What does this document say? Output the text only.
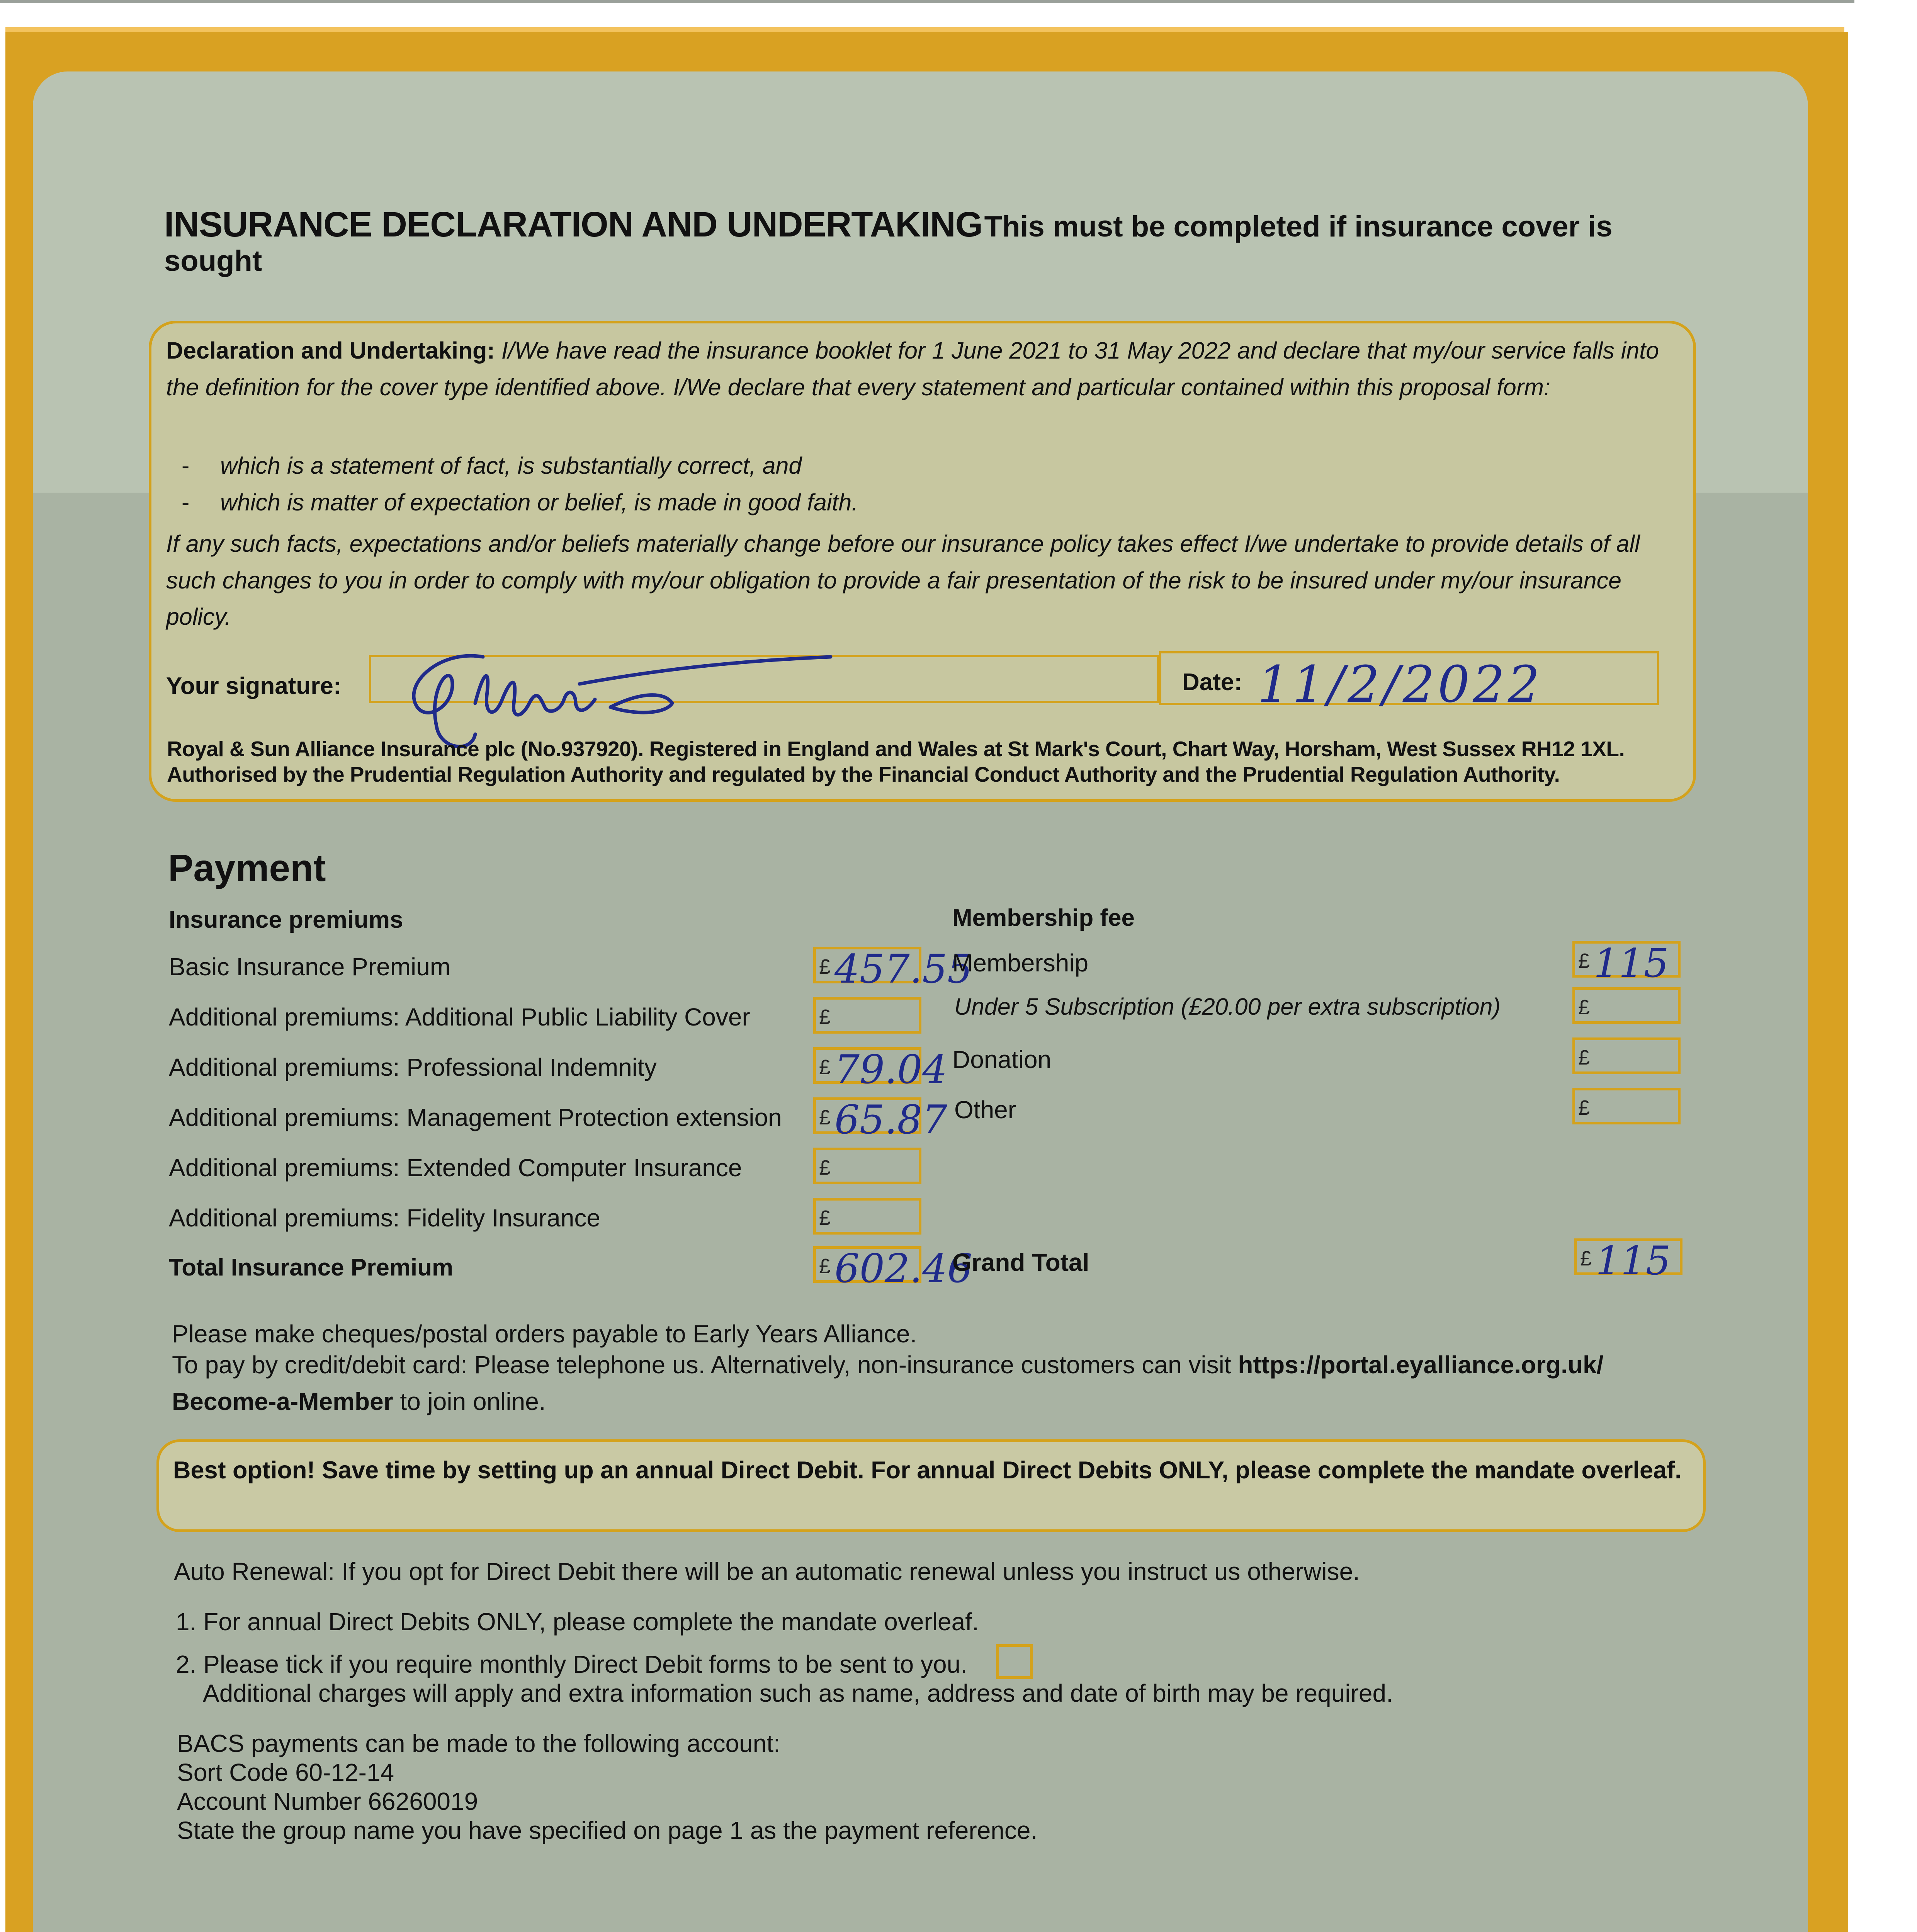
INSURANCE DECLARATION AND UNDERTAKING This must be completed if insurance cover is sought
Declaration and Undertaking: I/We have read the insurance booklet for 1 June 2021 to 31 May 2022 and declare that my/our service falls into the definition for the cover type identified above. I/We declare that every statement and particular contained within this proposal form:
- which is a statement of fact, is substantially correct, and
- which is matter of expectation or belief, is made in good faith.
If any such facts, expectations and/or beliefs materially change before our insurance policy takes effect I/we undertake to provide details of all such changes to you in order to comply with my/our obligation to provide a fair presentation of the risk to be insured under my/our insurance policy.
Your signature:	Date: 11/2/2022
Royal & Sun Alliance Insurance plc (No.937920). Registered in England and Wales at St Mark's Court, Chart Way, Horsham, West Sussex RH12 1XL. Authorised by the Prudential Regulation Authority and regulated by the Financial Conduct Authority and the Prudential Regulation Authority.
Payment
Insurance premiums	Membership fee
Basic Insurance Premium	£ 457.55
Additional premiums: Additional Public Liability Cover	£
Additional premiums: Professional Indemnity	£ 79.04
Additional premiums: Management Protection extension £ 65.87
Additional premiums: Extended Computer Insurance	£
Additional premiums: Fidelity Insurance	£
Total Insurance Premium	£ 602.46
Membership	£ 115
Under 5 Subscription (£20.00 per extra subscription)	£
Donation	£
Other	£
Grand Total	£ 115
Please make cheques/postal orders payable to Early Years Alliance.
To pay by credit/debit card: Please telephone us. Alternatively, non-insurance customers can visit https://portal.eyalliance.org.uk/
Become-a-Member to join online.
Best option! Save time by setting up an annual Direct Debit. For annual Direct Debits ONLY, please complete the mandate overleaf.
Auto Renewal: If you opt for Direct Debit there will be an automatic renewal unless you instruct us otherwise.
1. For annual Direct Debits ONLY, please complete the mandate overleaf.
2. Please tick if you require monthly Direct Debit forms to be sent to you.
Additional charges will apply and extra information such as name, address and date of birth may be required.
BACS payments can be made to the following account:
Sort Code 60-12-14
Account Number 66260019
State the group name you have specified on page 1 as the payment reference.
